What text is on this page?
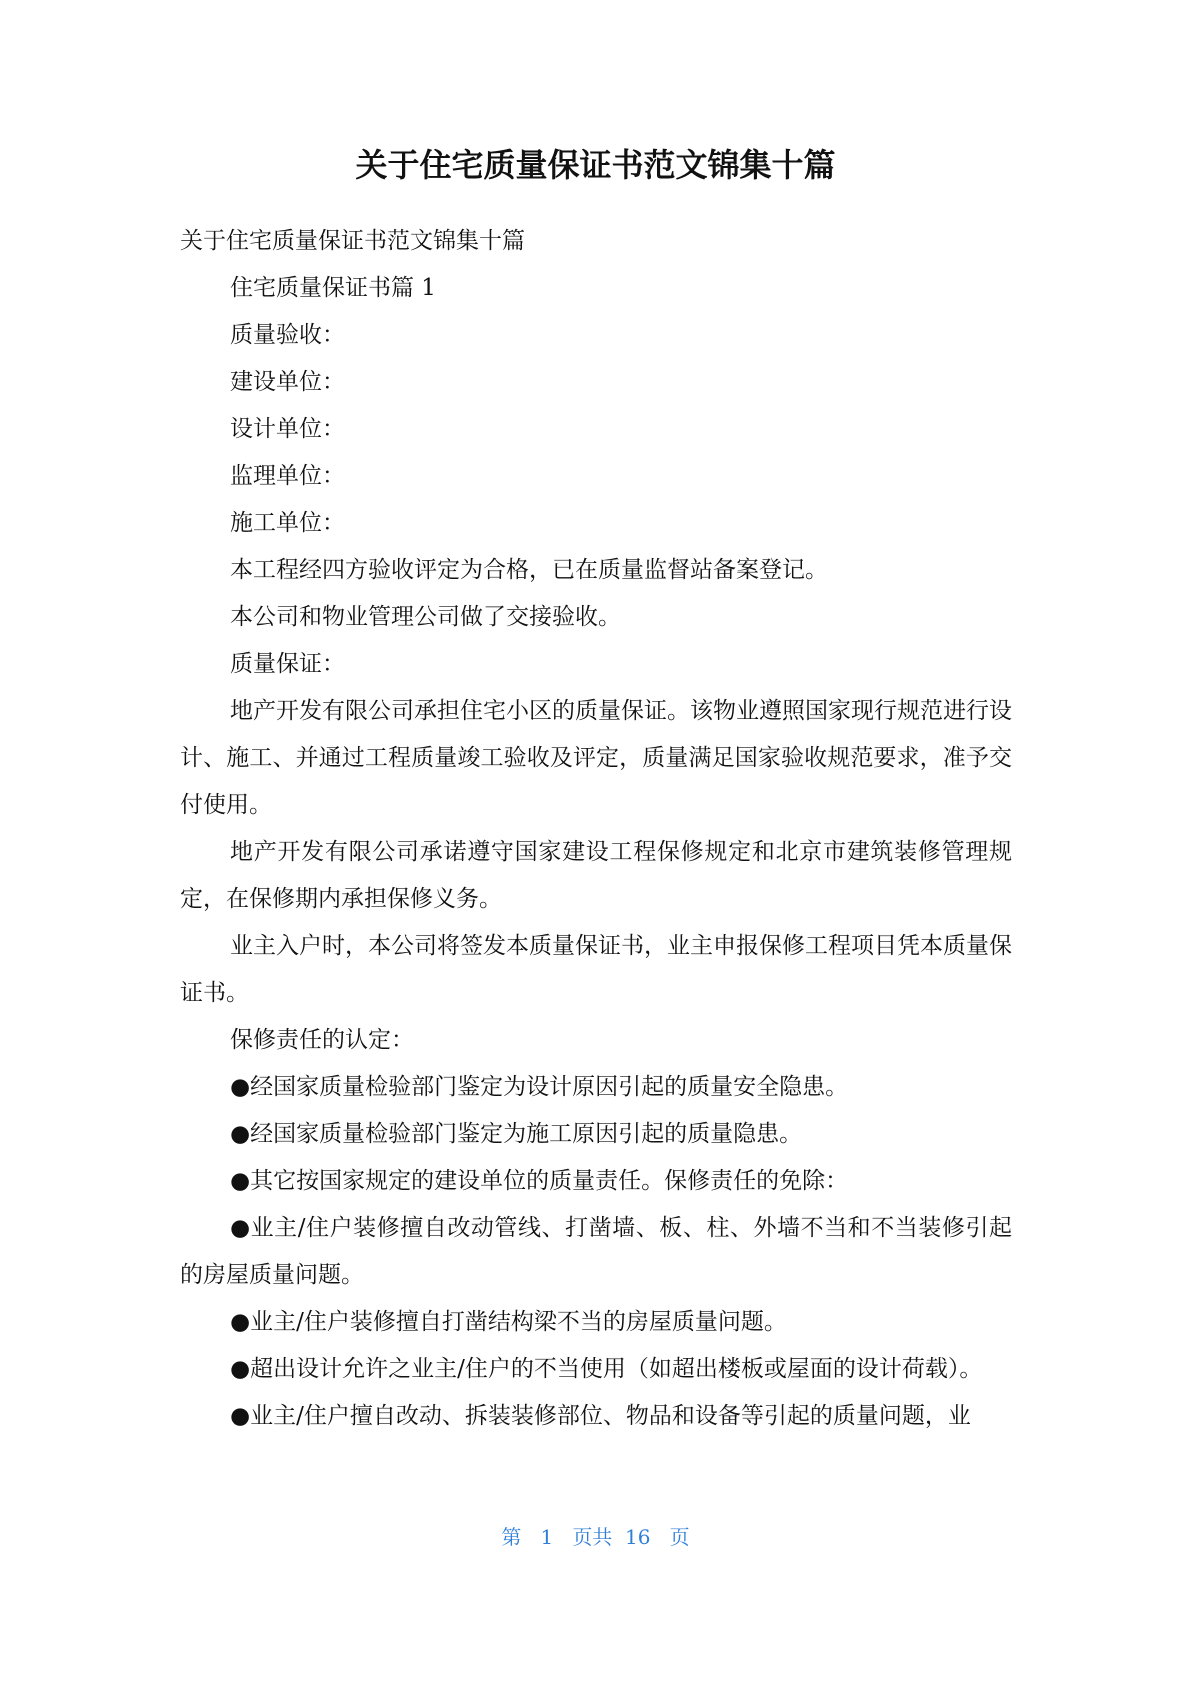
关于住宅质量保证书范文锦集十篇

关于住宅质量保证书范文锦集十篇

住宅质量保证书篇 1

质量验收：

建设单位：

设计单位：

监理单位：

施工单位：

本工程经四方验收评定为合格，已在质量监督站备案登记。

本公司和物业管理公司做了交接验收。

质量保证：

地产开发有限公司承担住宅小区的质量保证。该物业遵照国家现行规范进行设计、施工、并通过工程质量竣工验收及评定，质量满足国家验收规范要求，准予交付使用。

地产开发有限公司承诺遵守国家建设工程保修规定和北京市建筑装修管理规定，在保修期内承担保修义务。

业主入户时，本公司将签发本质量保证书，业主申报保修工程项目凭本质量保证书。

保修责任的认定：

●经国家质量检验部门鉴定为设计原因引起的质量安全隐患。

●经国家质量检验部门鉴定为施工原因引起的质量隐患。

●其它按国家规定的建设单位的质量责任。保修责任的免除：

●业主/住户装修擅自改动管线、打凿墙、板、柱、外墙不当和不当装修引起的房屋质量问题。

●业主/住户装修擅自打凿结构梁不当的房屋质量问题。

●超出设计允许之业主/住户的不当使用（如超出楼板或屋面的设计荷载）。

●业主/住户擅自改动、拆装装修部位、物品和设备等引起的质量问题，业

第 1 页共 16 页
